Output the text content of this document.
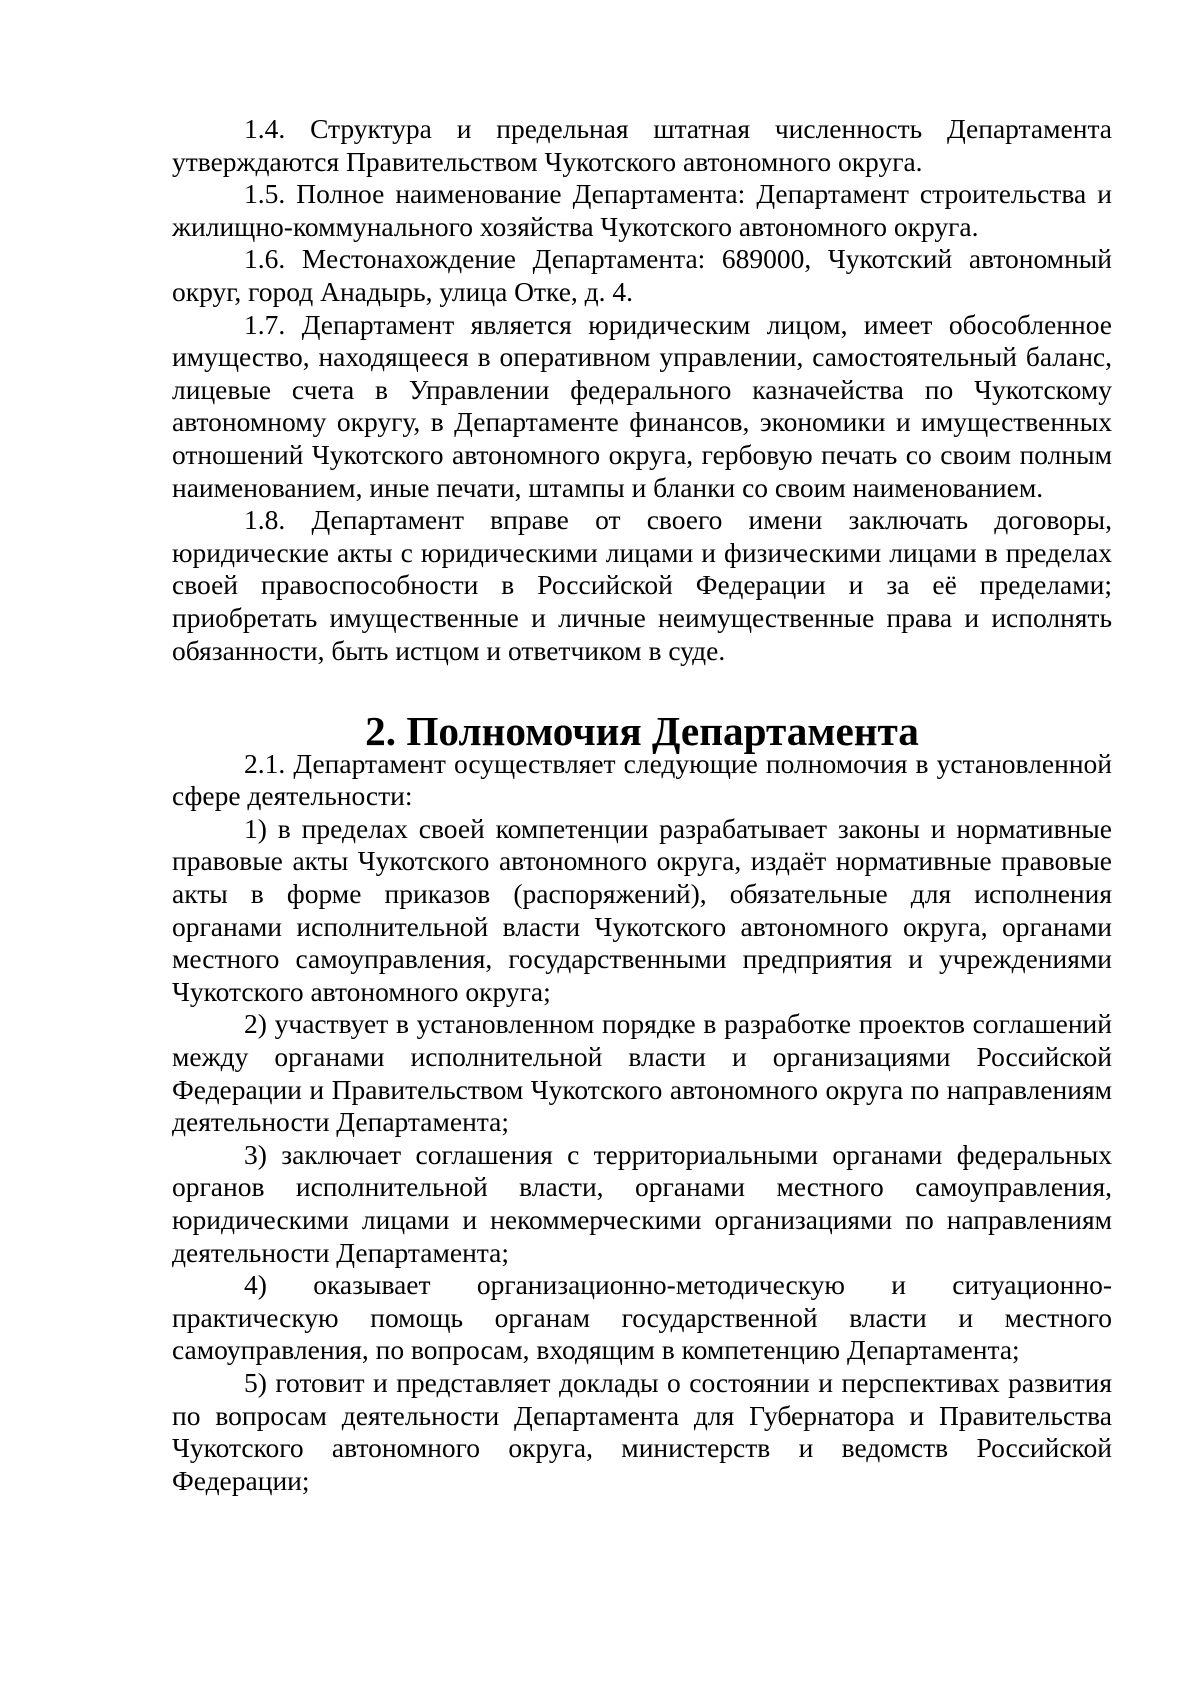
1.4. Структура и предельная штатная численность Департамента утверждаются Правительством Чукотского автономного округа.

1.5. Полное наименование Департамента: Департамент строительства и жилищно-коммунального хозяйства Чукотского автономного округа.

1.6. Местонахождение Департамента: 689000, Чукотский автономный округ, город Анадырь, улица Отке, д. 4.

1.7. Департамент является юридическим лицом, имеет обособленное имущество, находящееся в оперативном управлении, самостоятельный баланс, лицевые счета в Управлении федерального казначейства по Чукотскому автономному округу, в Департаменте финансов, экономики и имущественных отношений Чукотского автономного округа, гербовую печать со своим полным наименованием, иные печати, штампы и бланки со своим наименованием.

1.8. Департамент вправе от своего имени заключать договоры, юридические акты с юридическими лицами и физическими лицами в пределах своей правоспособности в Российской Федерации и за её пределами; приобретать имущественные и личные неимущественные права и исполнять обязанности, быть истцом и ответчиком в суде.

2. Полномочия Департамента

2.1. Департамент осуществляет следующие полномочия в установленной сфере деятельности:

1) в пределах своей компетенции разрабатывает законы и нормативные правовые акты Чукотского автономного округа, издаёт нормативные правовые акты в форме приказов (распоряжений), обязательные для исполнения органами исполнительной власти Чукотского автономного округа, органами местного самоуправления, государственными предприятия и учреждениями Чукотского автономного округа;

2) участвует в установленном порядке в разработке проектов соглашений между органами исполнительной власти и организациями Российской Федерации и Правительством Чукотского автономного округа по направлениям деятельности Департамента;

3) заключает соглашения с территориальными органами федеральных органов исполнительной власти, органами местного самоуправления, юридическими лицами и некоммерческими организациями по направлениям деятельности Департамента;

4) оказывает организационно-методическую и ситуационно-практическую помощь органам государственной власти и местного самоуправления, по вопросам, входящим в компетенцию Департамента;

5) готовит и представляет доклады о состоянии и перспективах развития по вопросам деятельности Департамента для Губернатора и Правительства Чукотского автономного округа, министерств и ведомств Российской Федерации;
